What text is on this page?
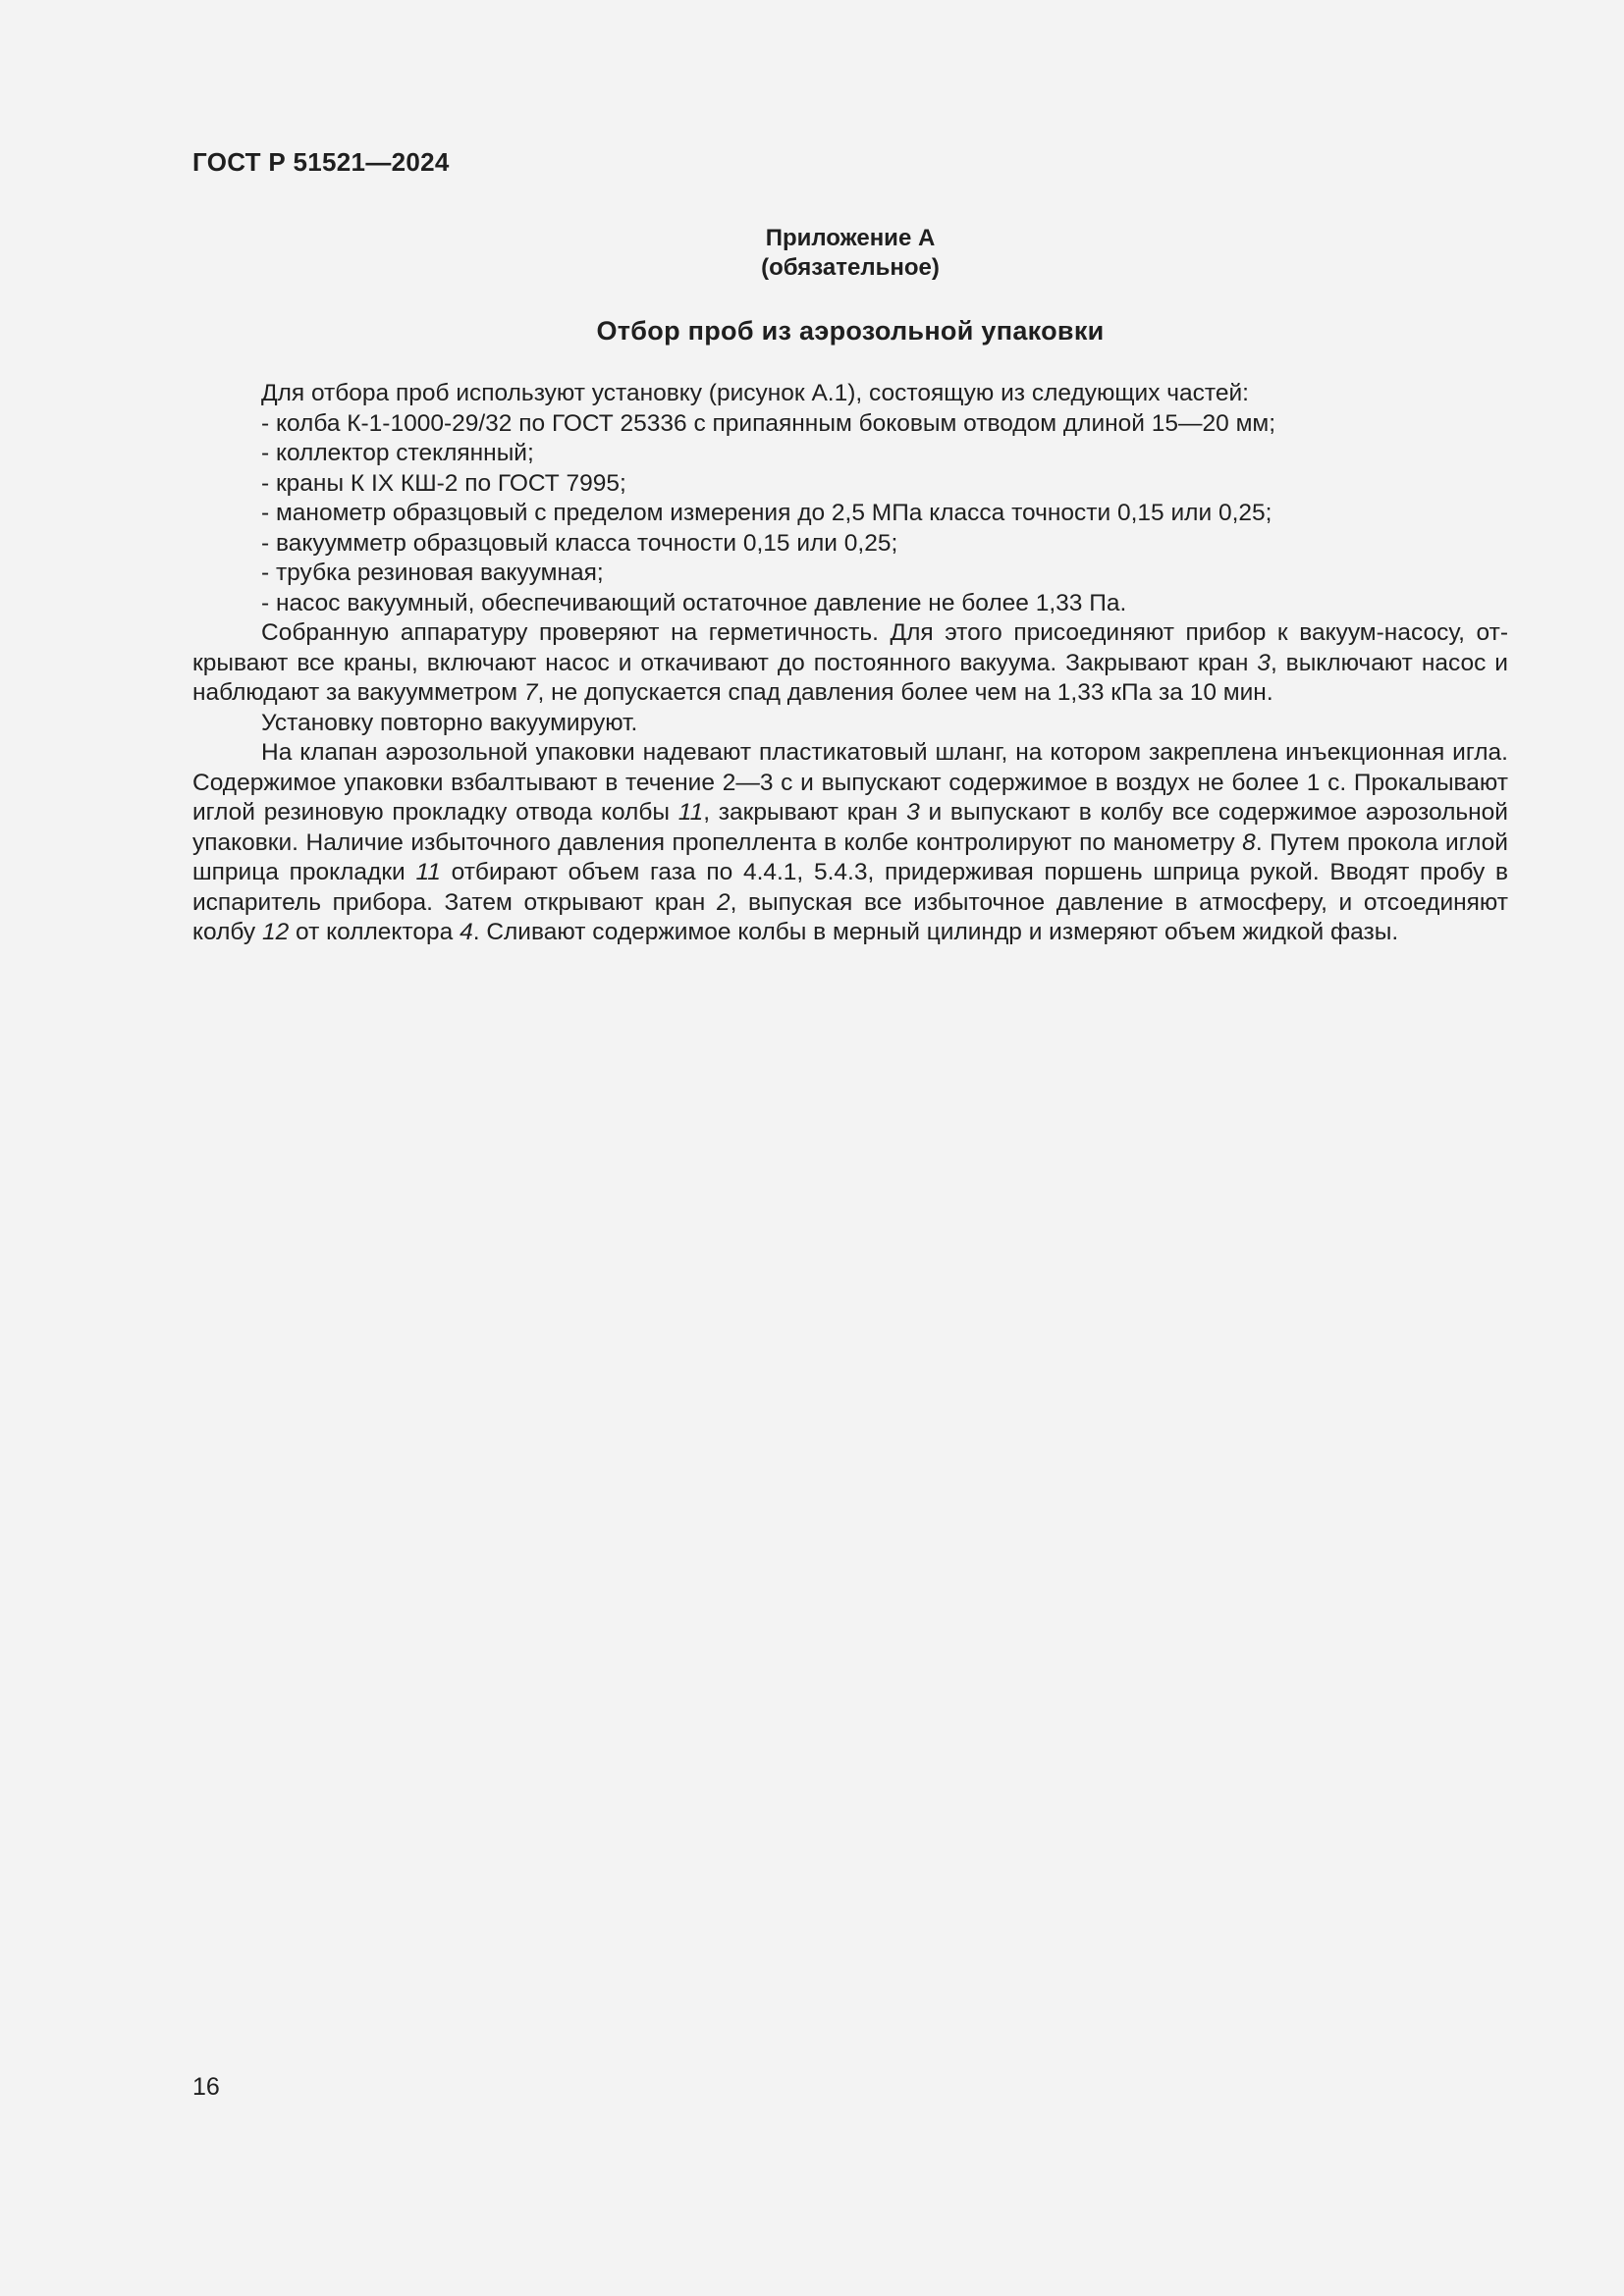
ГОСТ Р 51521—2024
Приложение А
(обязательное)
Отбор проб из аэрозольной упаковки

Для отбора проб используют установку (рисунок А.1), состоящую из следующих частей:

- колба К-1-1000-29/32 по ГОСТ 25336 с припаянным боковым отводом длиной 15—20 мм;

- коллектор стеклянный;

- краны К IX КШ-2 по ГОСТ 7995;

- манометр образцовый с пределом измерения до 2,5 МПа класса точности 0,15 или 0,25;

- вакуумметр образцовый класса точности 0,15 или 0,25;

- трубка резиновая вакуумная;

- насос вакуумный, обеспечивающий остаточное давление не более 1,33 Па.

Собранную аппаратуру проверяют на герметичность. Для этого присоединяют прибор к вакуум-насосу, открывают все краны, включают насос и откачивают до постоянного вакуума. Закрывают кран 3, выключают насос и наблюдают за вакуумметром 7, не допускается спад давления более чем на 1,33 кПа за 10 мин.

Установку повторно вакуумируют.

На клапан аэрозольной упаковки надевают пластикатовый шланг, на котором закреплена инъекционная игла. Содержимое упаковки взбалтывают в течение 2—3 с и выпускают содержимое в воздух не более 1 с. Прокалывают иглой резиновую прокладку отвода колбы 11, закрывают кран 3 и выпускают в колбу все содержимое аэрозольной упаковки. Наличие избыточного давления пропеллента в колбе контролируют по манометру 8. Путем прокола иглой шприца прокладки 11 отбирают объем газа по 4.4.1, 5.4.3, придерживая поршень шприца рукой. Вводят пробу в испаритель прибора. Затем открывают кран 2, выпуская все избыточное давление в атмосферу, и отсоединяют колбу 12 от коллектора 4. Сливают содержимое колбы в мерный цилиндр и измеряют объем жидкой фазы.

16
